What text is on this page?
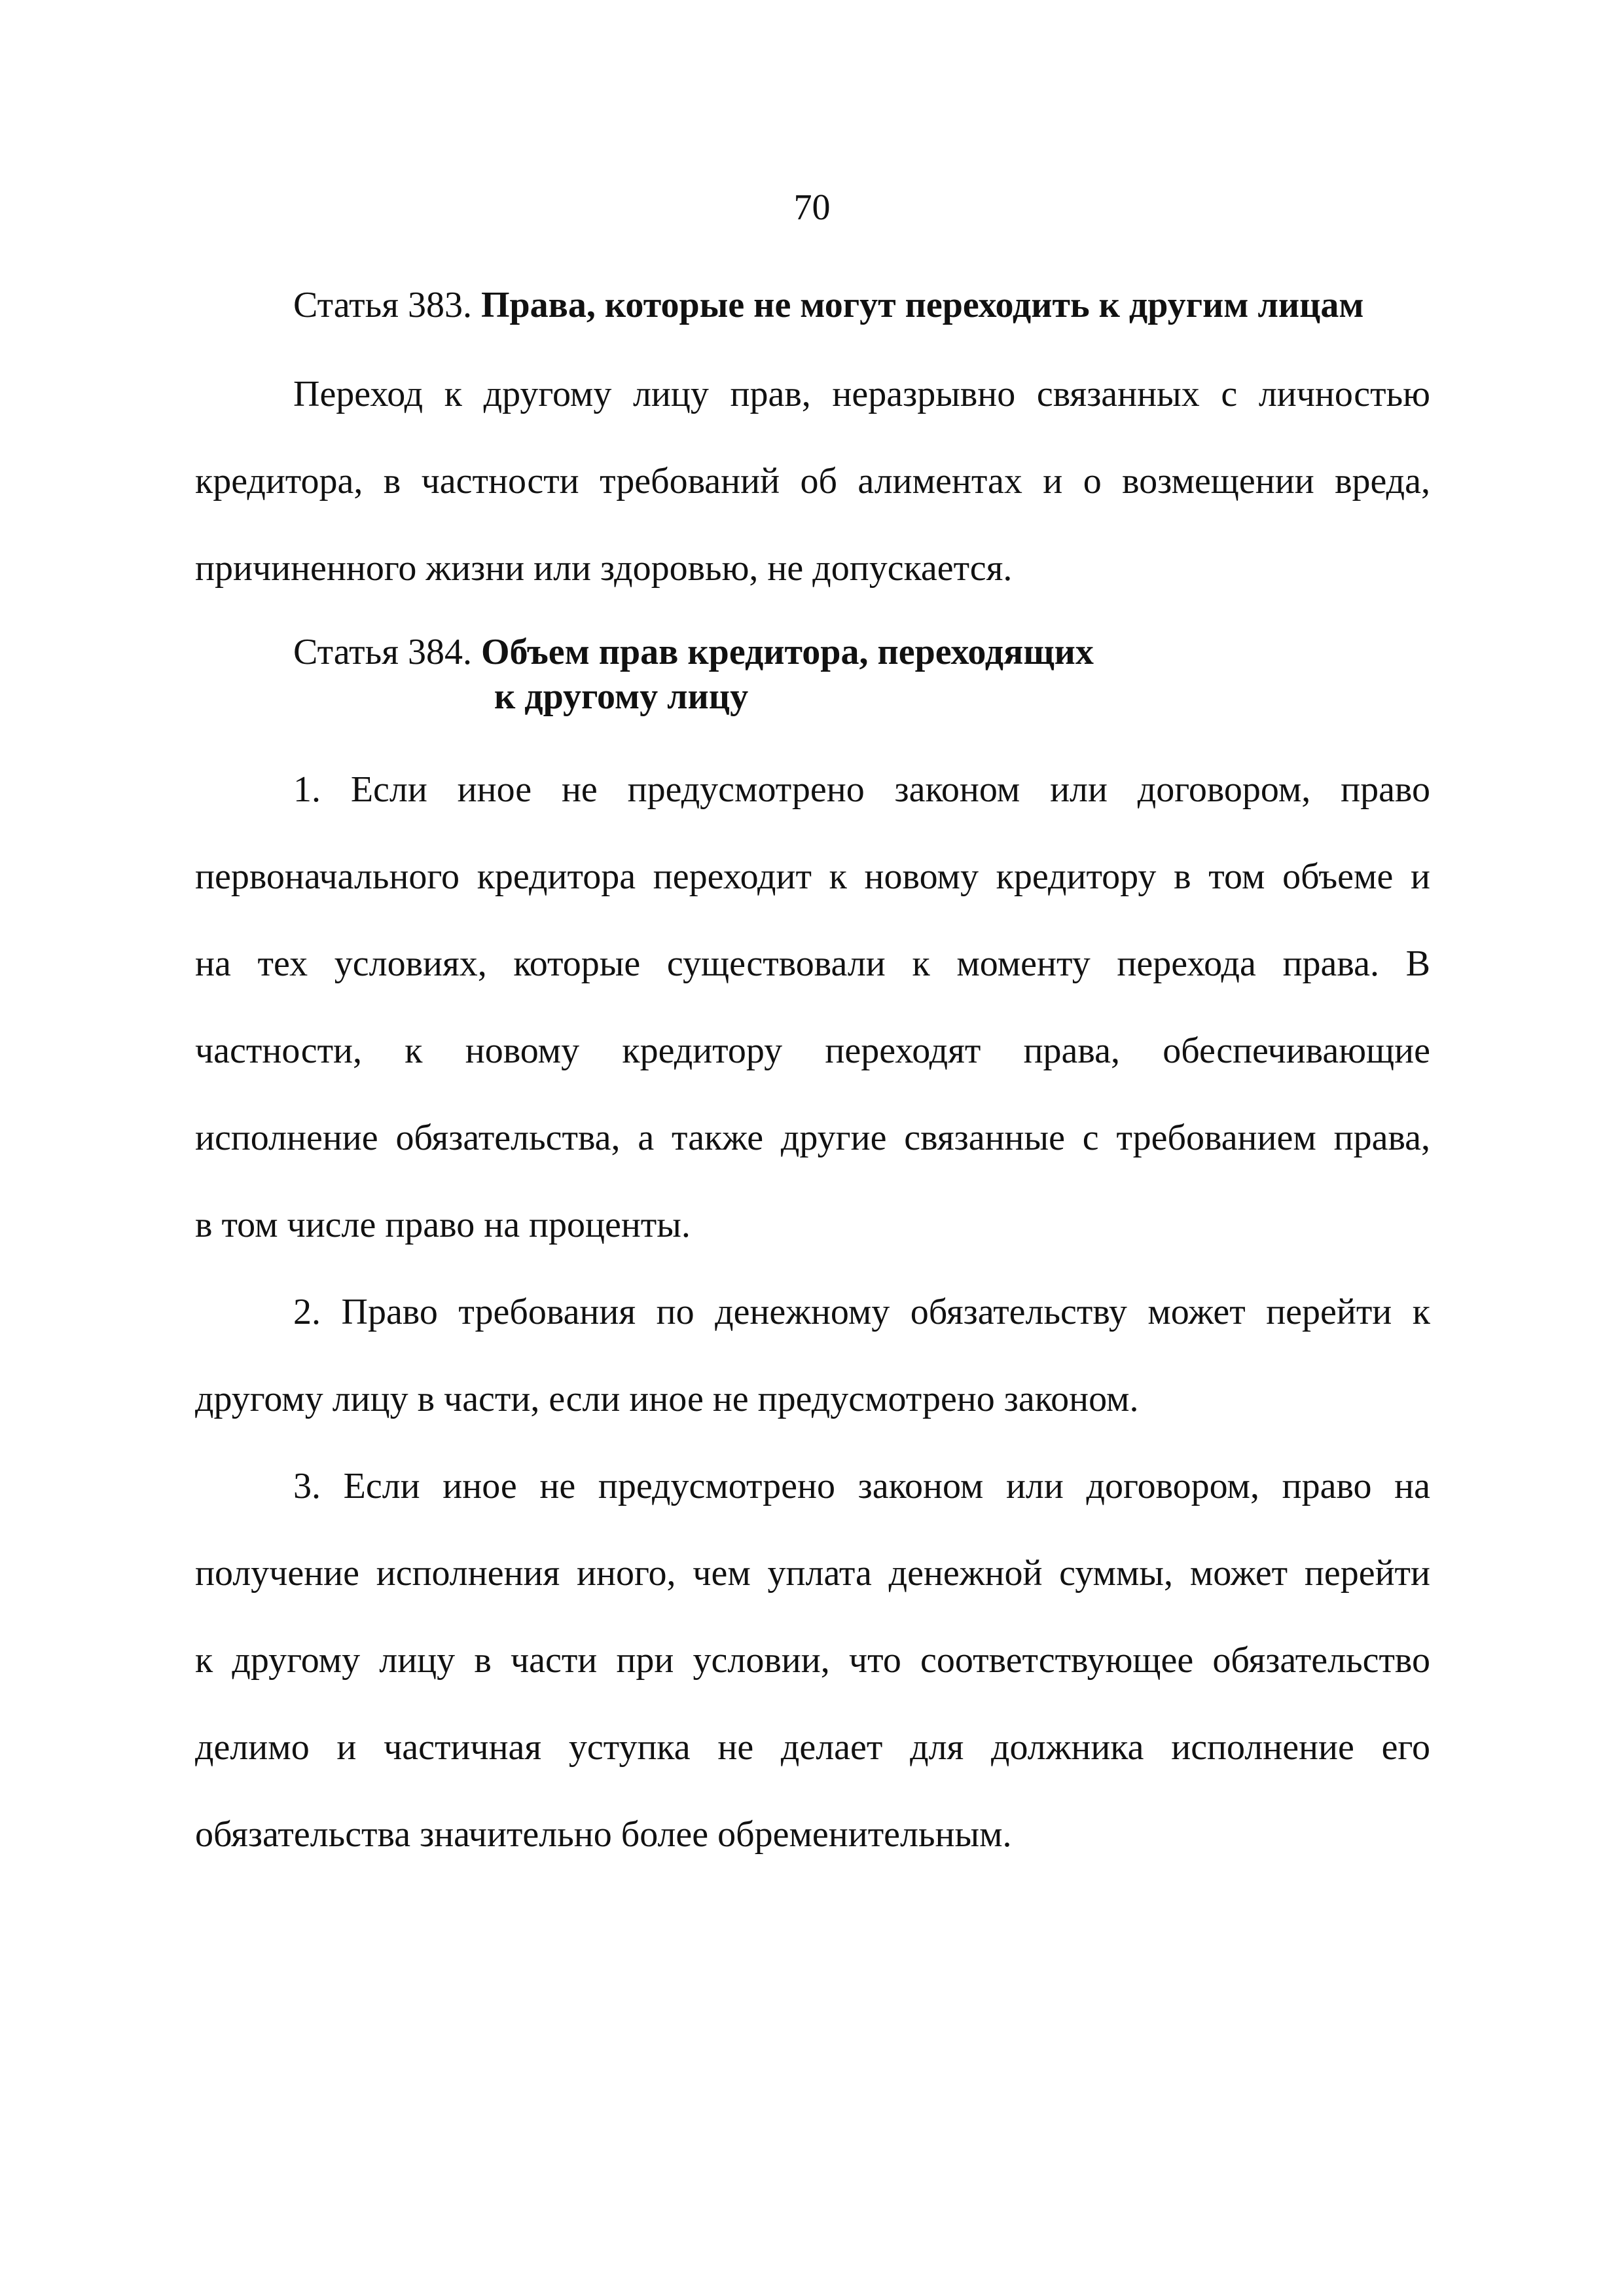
70
Статья 383. Права, которые не могут переходить к другим лицам
Переход к другому лицу прав, неразрывно связанных с личностью
кредитора, в частности требований об алиментах и о возмещении вреда,
причиненного жизни или здоровью, не допускается.
Статья 384. Объем прав кредитора, переходящих
к другому лицу
1. Если иное не предусмотрено законом или договором, право
первоначального кредитора переходит к новому кредитору в том объеме и
на тех условиях, которые существовали к моменту перехода права. В
частности, к новому кредитору переходят права, обеспечивающие
исполнение обязательства, а также другие связанные с требованием права,
в том числе право на проценты.
2. Право требования по денежному обязательству может перейти к
другому лицу в части, если иное не предусмотрено законом.
3. Если иное не предусмотрено законом или договором, право на
получение исполнения иного, чем уплата денежной суммы, может перейти
к другому лицу в части при условии, что соответствующее обязательство
делимо и частичная уступка не делает для должника исполнение его
обязательства значительно более обременительным.
